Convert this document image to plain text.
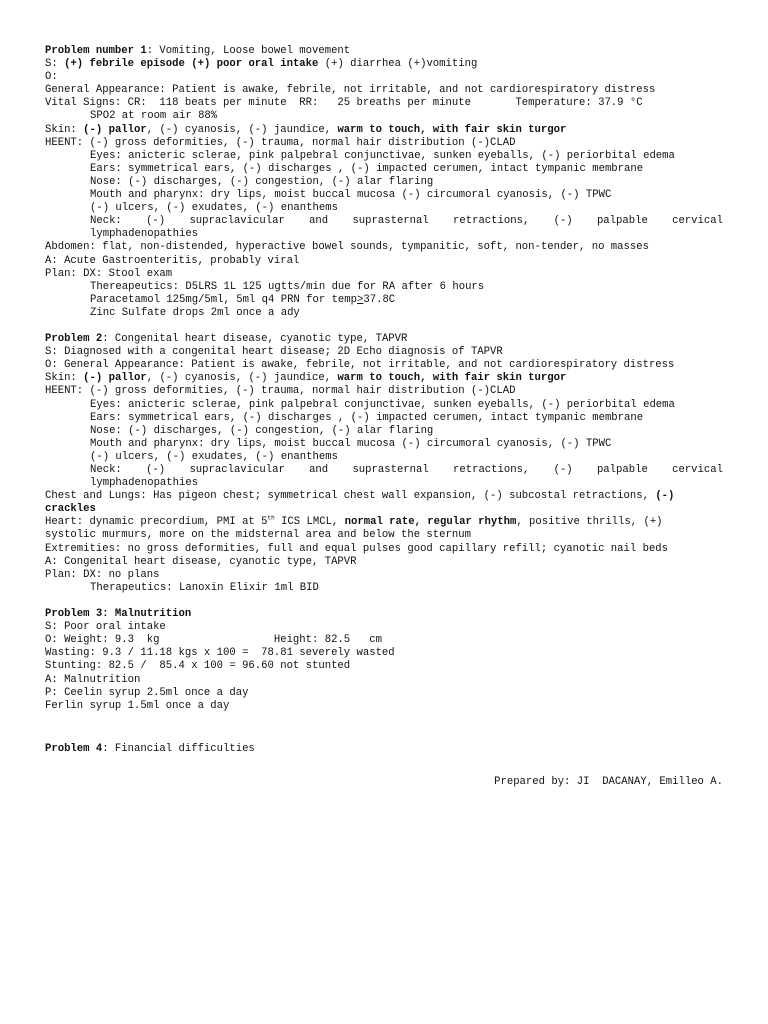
Problem number 1: Vomiting, Loose bowel movement
S: (+) febrile episode (+) poor oral intake (+) diarrhea (+)vomiting
O:
General Appearance: Patient is awake, febrile, not irritable, and not cardiorespiratory distress
Vital Signs: CR:  118 beats per minute  RR:   25 breaths per minute       Temperature: 37.9 °C
SPO2 at room air 88%
Skin: (-) pallor, (-) cyanosis, (-) jaundice, warm to touch, with fair skin turgor
HEENT: (-) gross deformities, (-) trauma, normal hair distribution (-)CLAD
Eyes: anicteric sclerae, pink palpebral conjunctivae, sunken eyeballs, (-) periorbital edema
Ears: symmetrical ears, (-) discharges , (-) impacted cerumen, intact tympanic membrane
Nose: (-) discharges, (-) congestion, (-) alar flaring
Mouth and pharynx: dry lips, moist buccal mucosa (-) circumoral cyanosis, (-) TPWC
(-) ulcers, (-) exudates, (-) enanthems
Neck: (-) supraclavicular and suprasternal retractions, (-) palpable cervical
lymphadenopathies
Abdomen: flat, non-distended, hyperactive bowel sounds, tympanitic, soft, non-tender, no masses
A: Acute Gastroenteritis, probably viral
Plan: DX: Stool exam
Thereapeutics: D5LRS 1L 125 ugtts/min due for RA after 6 hours
Paracetamol 125mg/5ml, 5ml q4 PRN for temp>37.8C
Zinc Sulfate drops 2ml once a ady
Problem 2: Congenital heart disease, cyanotic type, TAPVR
S: Diagnosed with a congenital heart disease; 2D Echo diagnosis of TAPVR
O: General Appearance: Patient is awake, febrile, not irritable, and not cardiorespiratory distress
Skin: (-) pallor, (-) cyanosis, (-) jaundice, warm to touch, with fair skin turgor
HEENT: (-) gross deformities, (-) trauma, normal hair distribution (-)CLAD
Eyes: anicteric sclerae, pink palpebral conjunctivae, sunken eyeballs, (-) periorbital edema
Ears: symmetrical ears, (-) discharges , (-) impacted cerumen, intact tympanic membrane
Nose: (-) discharges, (-) congestion, (-) alar flaring
Mouth and pharynx: dry lips, moist buccal mucosa (-) circumoral cyanosis, (-) TPWC
(-) ulcers, (-) exudates, (-) enanthems
Neck: (-) supraclavicular and suprasternal retractions, (-) palpable cervical
lymphadenopathies
Chest and Lungs: Has pigeon chest; symmetrical chest wall expansion, (-) subcostal retractions, (-)
crackles
Heart: dynamic precordium, PMI at 5th ICS LMCL, normal rate, regular rhythm, positive thrills, (+)
systolic murmurs, more on the midsternal area and below the sternum
Extremities: no gross deformities, full and equal pulses good capillary refill; cyanotic nail beds
A: Congenital heart disease, cyanotic type, TAPVR
Plan: DX: no plans
Therapeutics: Lanoxin Elixir 1ml BID
Problem 3: Malnutrition
S: Poor oral intake
O: Weight: 9.3  kg                  Height: 82.5   cm
Wasting: 9.3 / 11.18 kgs x 100 =  78.81 severely wasted
Stunting: 82.5 /  85.4 x 100 = 96.60 not stunted
A: Malnutrition
P: Ceelin syrup 2.5ml once a day
Ferlin syrup 1.5ml once a day
Problem 4: Financial difficulties
Prepared by: JI  DACANAY, Emilleo A.
